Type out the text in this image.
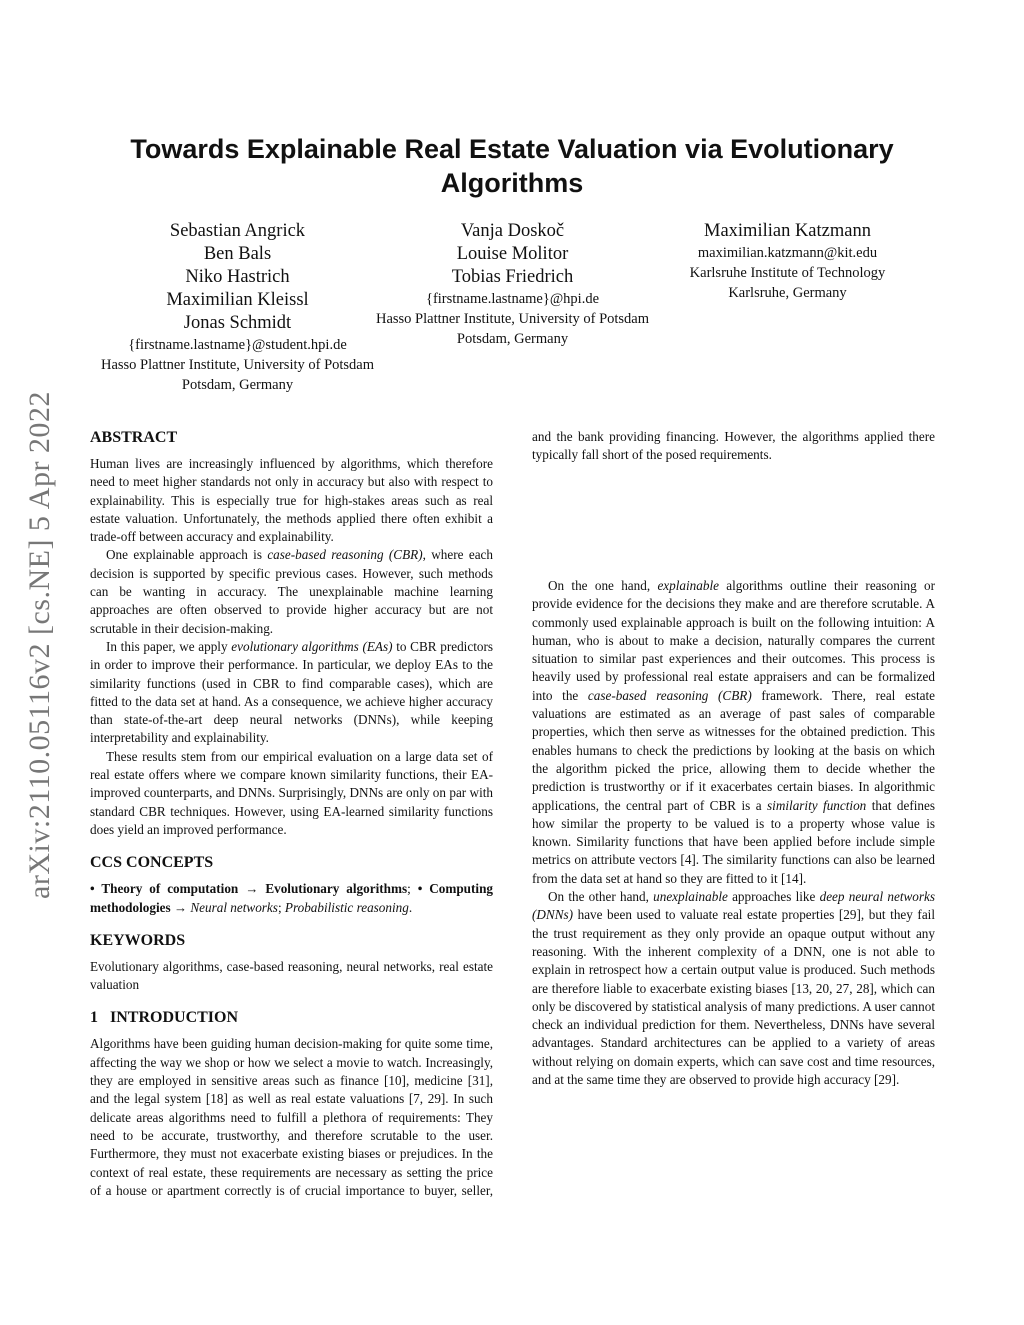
arXiv:2110.05116v2 [cs.NE] 5 Apr 2022
Towards Explainable Real Estate Valuation via Evolutionary Algorithms
Sebastian Angrick
Ben Bals
Niko Hastrich
Maximilian Kleissl
Jonas Schmidt
{firstname.lastname}@student.hpi.de
Hasso Plattner Institute, University of Potsdam
Potsdam, Germany
Vanja Doskoč
Louise Molitor
Tobias Friedrich
{firstname.lastname}@hpi.de
Hasso Plattner Institute, University of Potsdam
Potsdam, Germany
Maximilian Katzmann
maximilian.katzmann@kit.edu
Karlsruhe Institute of Technology
Karlsruhe, Germany
ABSTRACT

Human lives are increasingly influenced by algorithms, which therefore need to meet higher standards not only in accuracy but also with respect to explainability. This is especially true for high-stakes areas such as real estate valuation. Unfortunately, the methods applied there often exhibit a trade-off between accuracy and explainability.

One explainable approach is case-based reasoning (CBR), where each decision is supported by specific previous cases. However, such methods can be wanting in accuracy. The unexplainable machine learning approaches are often observed to provide higher accuracy but are not scrutable in their decision-making.

In this paper, we apply evolutionary algorithms (EAs) to CBR predictors in order to improve their performance. In particular, we deploy EAs to the similarity functions (used in CBR to find comparable cases), which are fitted to the data set at hand. As a consequence, we achieve higher accuracy than state-of-the-art deep neural networks (DNNs), while keeping interpretability and explainability.

These results stem from our empirical evaluation on a large data set of real estate offers where we compare known similarity functions, their EA-improved counterparts, and DNNs. Surprisingly, DNNs are only on par with standard CBR techniques. However, using EA-learned similarity functions does yield an improved performance.

CCS CONCEPTS

• Theory of computation → Evolutionary algorithms; • Computing methodologies → Neural networks; Probabilistic reasoning.

KEYWORDS

Evolutionary algorithms, case-based reasoning, neural networks, real estate valuation

1   INTRODUCTION

Algorithms have been guiding human decision-making for quite some time, affecting the way we shop or how we select a movie to watch. Increasingly, they are employed in sensitive areas such as finance [10], medicine [31], and the legal system [18] as well as real estate valuations [7, 29]. In such delicate areas algorithms need to fulfill a plethora of requirements: They need to be accurate, trustworthy, and therefore scrutable to the user. Furthermore, they must not exacerbate existing biases or prejudices. In the context of real estate, these requirements are necessary as setting the price of a house or apartment correctly is of crucial importance to buyer, seller,

and the bank providing financing. However, the algorithms applied there typically fall short of the posed requirements.

On the one hand, explainable algorithms outline their reasoning or provide evidence for the decisions they make and are therefore scrutable. A commonly used explainable approach is built on the following intuition: A human, who is about to make a decision, naturally compares the current situation to similar past experiences and their outcomes. This process is heavily used by professional real estate appraisers and can be formalized into the case-based reasoning (CBR) framework. There, real estate valuations are estimated as an average of past sales of comparable properties, which then serve as witnesses for the obtained prediction. This enables humans to check the predictions by looking at the basis on which the algorithm picked the price, allowing them to decide whether the prediction is trustworthy or if it exacerbates certain biases. In algorithmic applications, the central part of CBR is a similarity function that defines how similar the property to be valued is to a property whose value is known. Similarity functions that have been applied before include simple metrics on attribute vectors [4]. The similarity functions can also be learned from the data set at hand so they are fitted to it [14].

On the other hand, unexplainable approaches like deep neural networks (DNNs) have been used to valuate real estate properties [29], but they fail the trust requirement as they only provide an opaque output without any reasoning. With the inherent complexity of a DNN, one is not able to explain in retrospect how a certain output value is produced. Such methods are therefore liable to exacerbate existing biases [13, 20, 27, 28], which can only be discovered by statistical analysis of many predictions. A user cannot check an individual prediction for them. Nevertheless, DNNs have several advantages. Standard architectures can be applied to a variety of areas without relying on domain experts, which can save cost and time resources, and at the same time they are observed to provide high accuracy [29].
